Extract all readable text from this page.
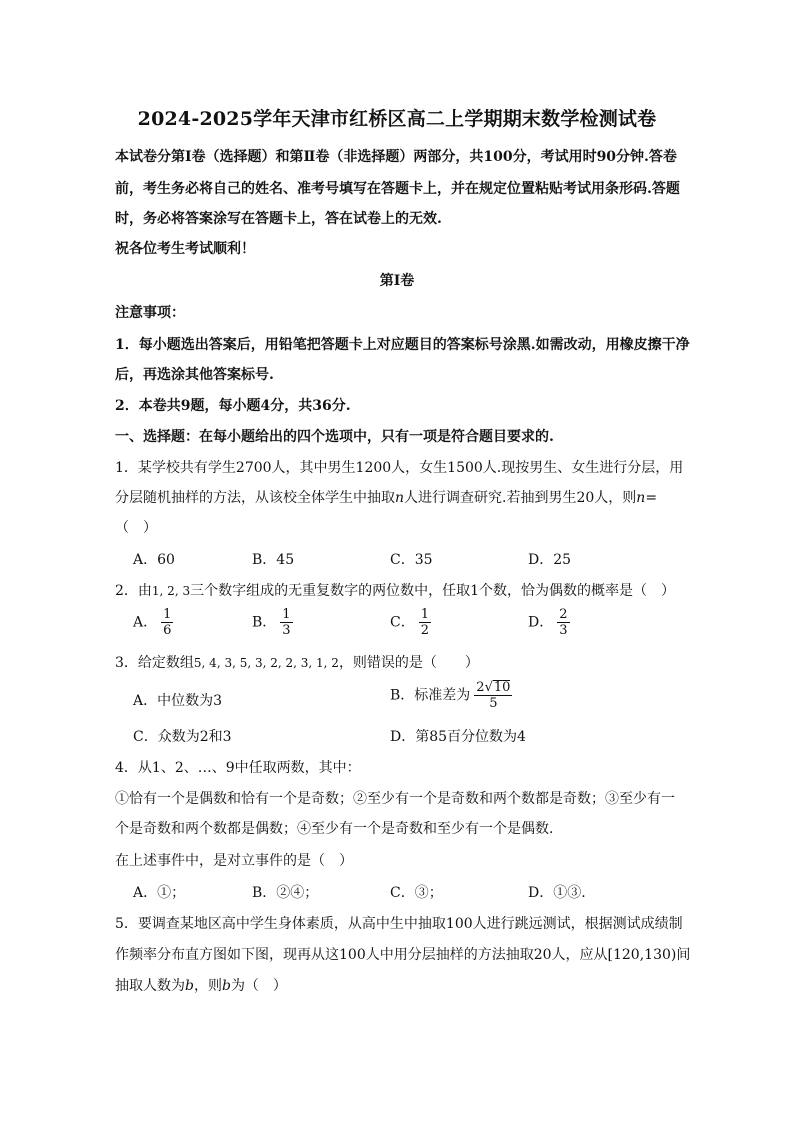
2024-2025学年天津市红桥区高二上学期期末数学检测试卷
本试卷分第Ⅰ卷（选择题）和第Ⅱ卷（非选择题）两部分，共100分，考试用时90分钟.答卷
前，考生务必将自己的姓名、准考号填写在答题卡上，并在规定位置粘贴考试用条形码.答题
时，务必将答案涂写在答题卡上，答在试卷上的无效.
祝各位考生考试顺利！
第Ⅰ卷
注意事项：
1．每小题选出答案后，用铅笔把答题卡上对应题目的答案标号涂黑.如需改动，用橡皮擦干净
后，再选涂其他答案标号.
2．本卷共9题，每小题4分，共36分.
一、选择题：在每小题给出的四个选项中，只有一项是符合题目要求的.
1．某学校共有学生2700人，其中男生1200人，女生1500人.现按男生、女生进行分层，用
分层随机抽样的方法，从该校全体学生中抽取n人进行调查研究.若抽到男生20人，则n=
（　）
A．60	B．45	C．35	D．25
2．由1, 2, 3三个数字组成的无重复数字的两位数中，任取1个数，恰为偶数的概率是（　）
A． $\frac{1}{6}$	B． $\frac{1}{3}$	C． $\frac{1}{2}$	D． $\frac{2}{3}$
3．给定数组5, 4, 3, 5, 3, 2, 2, 3, 1, 2，则错误的是（　　）
A．中位数为3	B．标准差为 $\frac{2√10}{5}$
C．众数为2和3	D．第85百分位数为4
4．从1、2、…、9中任取两数，其中：
①恰有一个是偶数和恰有一个是奇数；②至少有一个是奇数和两个数都是奇数；③至少有一
个是奇数和两个数都是偶数；④至少有一个是奇数和至少有一个是偶数.
在上述事件中，是对立事件的是（　）
A．①；	B．②④；	C．③；	D．①③.
5．要调查某地区高中学生身体素质，从高中生中抽取100人进行跳远测试，根据测试成绩制
作频率分布直方图如下图，现再从这100人中用分层抽样的方法抽取20人，应从[120,130)间
抽取人数为b，则b为（　）
